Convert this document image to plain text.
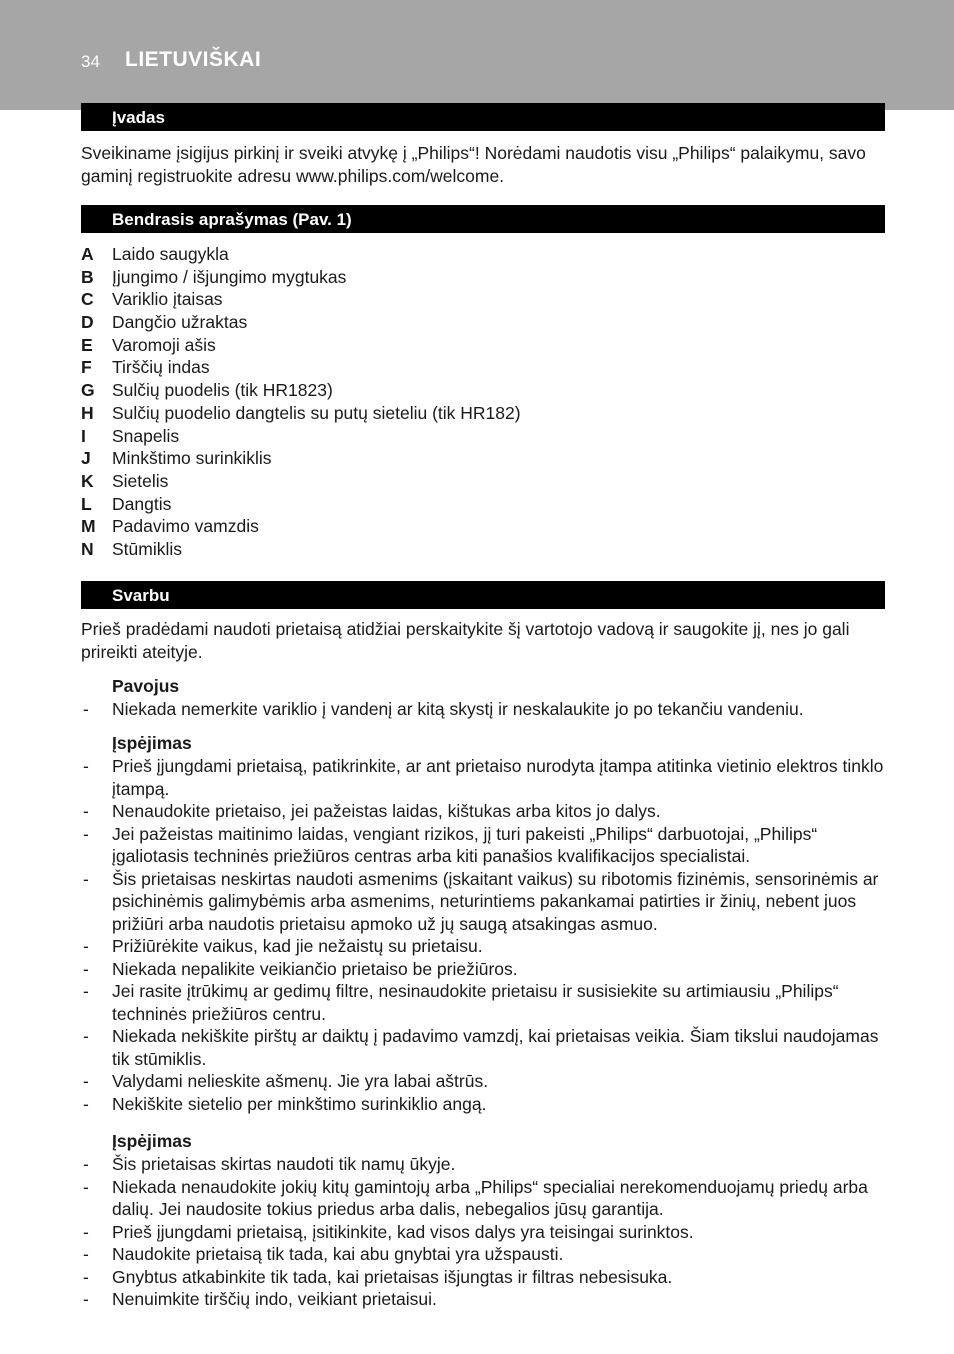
34 LIETUVIŠKAI
Įvadas

Sveikiname įsigijus pirkinį ir sveiki atvykę į „Philips“! Norėdami naudotis visu „Philips“ palaikymu, savo gaminį registruokite adresu www.philips.com/welcome.

Bendrasis aprašymas (Pav. 1)
A Laido saugykla
B Įjungimo / išjungimo mygtukas
C Variklio įtaisas
D Dangčio užraktas
E Varomoji ašis
F Tirščių indas
G Sulčių puodelis (tik HR1823)
H Sulčių puodelio dangtelis su putų sieteliu (tik HR182)
I Snapelis
J Minkštimo surinkiklis
K Sietelis
L Dangtis
M Padavimo vamzdis
N Stūmiklis
Svarbu

Prieš pradėdami naudoti prietaisą atidžiai perskaitykite šį vartotojo vadovą ir saugokite jį, nes jo gali prireikti ateityje.

Pavojus
- Niekada nemerkite variklio į vandenį ar kitą skystį ir neskalaukite jo po tekančiu vandeniu.
Įspėjimas
- Prieš įjungdami prietaisą, patikrinkite, ar ant prietaiso nurodyta įtampa atitinka vietinio elektros tinklo įtampą.
- Nenaudokite prietaiso, jei pažeistas laidas, kištukas arba kitos jo dalys.
- Jei pažeistas maitinimo laidas, vengiant rizikos, jį turi pakeisti „Philips“ darbuotojai, „Philips“ įgaliotasis techninės priežiūros centras arba kiti panašios kvalifikacijos specialistai.
- Šis prietaisas neskirtas naudoti asmenims (įskaitant vaikus) su ribotomis fizinėmis, sensorinėmis ar psichinėmis galimybėmis arba asmenims, neturintiems pakankamai patirties ir žinių, nebent juos prižiūri arba naudotis prietaisu apmoko už jų saugą atsakingas asmuo.
- Prižiūrėkite vaikus, kad jie nežaistų su prietaisu.
- Niekada nepalikite veikiančio prietaiso be priežiūros.
- Jei rasite įtrūkimų ar gedimų filtre, nesinaudokite prietaisu ir susisiekite su artimiausiu „Philips“ techninės priežiūros centru.
- Niekada nekiškite pirštų ar daiktų į padavimo vamzdį, kai prietaisas veikia. Šiam tikslui naudojamas tik stūmiklis.
- Valydami nelieskite ašmenų. Jie yra labai aštrūs.
- Nekiškite sietelio per minkštimo surinkiklio angą.
Įspėjimas
- Šis prietaisas skirtas naudoti tik namų ūkyje.
- Niekada nenaudokite jokių kitų gamintojų arba „Philips“ specialiai nerekomenduojamų priedų arba dalių. Jei naudosite tokius priedus arba dalis, nebegalios jūsų garantija.
- Prieš įjungdami prietaisą, įsitikinkite, kad visos dalys yra teisingai surinktos.
- Naudokite prietaisą tik tada, kai abu gnybtai yra užspausti.
- Gnybtus atkabinkite tik tada, kai prietaisas išjungtas ir filtras nebesisuka.
- Nenuimkite tirščių indo, veikiant prietaisui.
